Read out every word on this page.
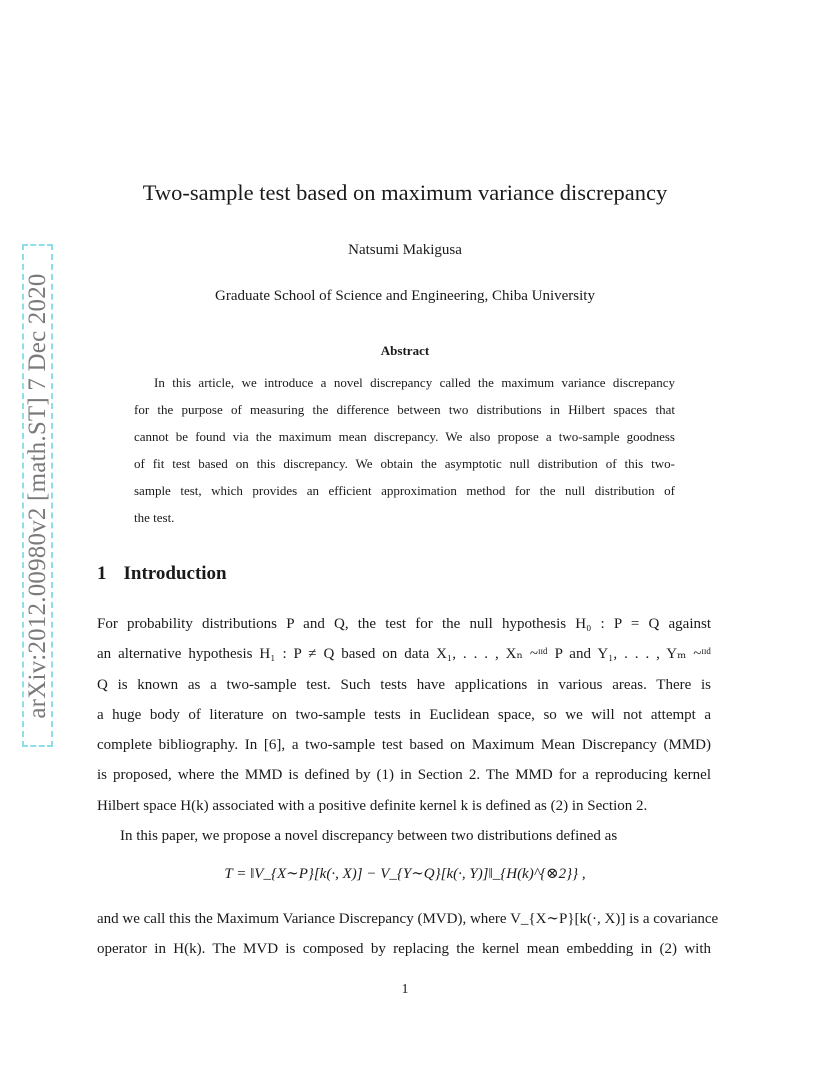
arXiv:2012.00980v2 [math.ST] 7 Dec 2020
Two-sample test based on maximum variance discrepancy
Natsumi Makigusa
Graduate School of Science and Engineering, Chiba University
Abstract
In this article, we introduce a novel discrepancy called the maximum variance discrepancy
for the purpose of measuring the difference between two distributions in Hilbert spaces that
cannot be found via the maximum mean discrepancy. We also propose a two-sample goodness
of fit test based on this discrepancy. We obtain the asymptotic null distribution of this two-
sample test, which provides an efficient approximation method for the null distribution of
the test.
1 Introduction
For probability distributions P and Q, the test for the null hypothesis H₀ : P = Q against
an alternative hypothesis H₁ : P ≠ Q based on data X₁, . . . , Xₙ ~ᶦᶦᵈ P and Y₁, . . . , Yₘ ~ᶦᶦᵈ
Q is known as a two-sample test. Such tests have applications in various areas. There is
a huge body of literature on two-sample tests in Euclidean space, so we will not attempt a
complete bibliography. In [6], a two-sample test based on Maximum Mean Discrepancy (MMD)
is proposed, where the MMD is defined by (1) in Section 2. The MMD for a reproducing kernel
Hilbert space H(k) associated with a positive definite kernel k is defined as (2) in Section 2.
In this paper, we propose a novel discrepancy between two distributions defined as
T = ‖V_{X∼P}[k(·, X)] − V_{Y∼Q}[k(·, Y)]‖_{H(k)^{⊗2}} ,
and we call this the Maximum Variance Discrepancy (MVD), where V_{X∼P}[k(·, X)] is a covariance
operator in H(k). The MVD is composed by replacing the kernel mean embedding in (2) with
1
